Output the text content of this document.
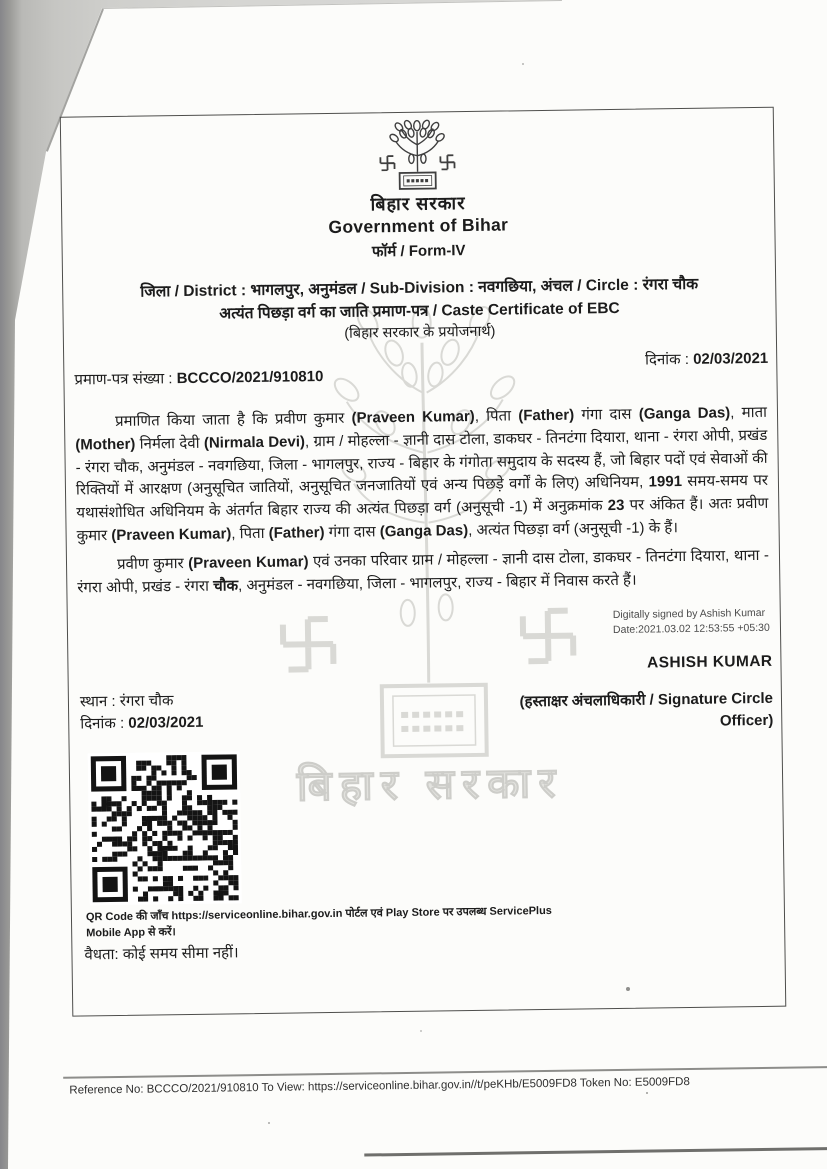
बिहार सरकार
बिहार सरकार
Government of Bihar
फॉर्म / Form-IV
जिला / District : भागलपुर, अनुमंडल / Sub-Division : नवगछिया, अंचल / Circle : रंगरा चौक
अत्यंत पिछड़ा वर्ग का जाति प्रमाण-पत्र / Caste Certificate of EBC
(बिहार सरकार के प्रयोजनार्थ)
दिनांक : 02/03/2021
प्रमाण-पत्र संख्या : BCCCO/2021/910810
प्रमाणित किया जाता है कि प्रवीण कुमार (Praveen Kumar), पिता (Father) गंगा दास (Ganga Das), माता (Mother) निर्मला देवी (Nirmala Devi), ग्राम / मोहल्ला - ज्ञानी दास टोला, डाकघर - तिनटंगा दियारा, थाना - रंगरा ओपी, प्रखंड - रंगरा चौक, अनुमंडल - नवगछिया, जिला - भागलपुर, राज्य - बिहार के गंगोता समुदाय के सदस्य हैं, जो बिहार पदों एवं सेवाओं की रिक्तियों में आरक्षण (अनुसूचित जातियों, अनुसूचित जनजातियों एवं अन्य पिछड़े वर्गों के लिए) अधिनियम, 1991 समय-समय पर यथासंशोधित अधिनियम के अंतर्गत बिहार राज्य की अत्यंत पिछड़ा वर्ग (अनुसूची -1) में अनुक्रमांक 23 पर अंकित हैं। अतः प्रवीण कुमार (Praveen Kumar), पिता (Father) गंगा दास (Ganga Das), अत्यंत पिछड़ा वर्ग (अनुसूची -1) के हैं।
प्रवीण कुमार (Praveen Kumar) एवं उनका परिवार ग्राम / मोहल्ला - ज्ञानी दास टोला, डाकघर - तिनटंगा दियारा, थाना - रंगरा ओपी, प्रखंड - रंगरा चौक, अनुमंडल - नवगछिया, जिला - भागलपुर, राज्य - बिहार में निवास करते हैं।
Digitally signed by Ashish Kumar
Date:2021.03.02 12:53:55 +05:30
ASHISH KUMAR
(हस्ताक्षर अंचलाधिकारी / Signature Circle Officer)
स्थान : रंगरा चौक
दिनांक : 02/03/2021
QR Code की जाँच https://serviceonline.bihar.gov.in पोर्टल एवं Play Store पर उपलब्ध ServicePlus Mobile App से करें।
वैधता: कोई समय सीमा नहीं।
Reference No: BCCCO/2021/910810 To View: https://serviceonline.bihar.gov.in//t/peKHb/E5009FD8 Token No: E5009FD8
